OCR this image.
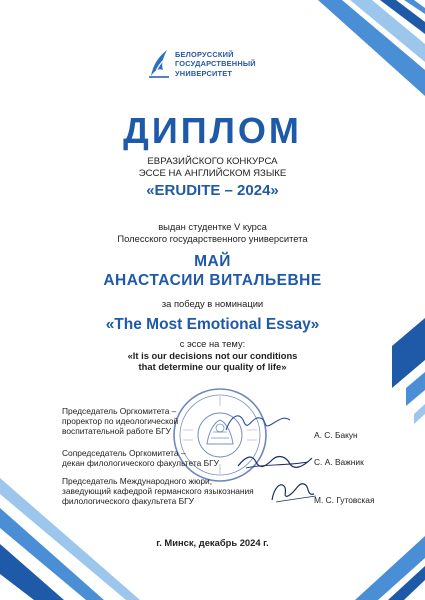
БЕЛОРУССКИЙ
ГОСУДАРСТВЕННЫЙ
УНИВЕРСИТЕТ
ДИПЛОМ
ЕВРАЗИЙСКОГО КОНКУРСА
ЭССЕ НА АНГЛИЙСКОМ ЯЗЫКЕ
«ERUDITE – 2024»
выдан студентке V курса
Полесского государственного университета
МАЙ
АНАСТАСИИ ВИТАЛЬЕВНЕ
за победу в номинации
«The Most Emotional Essay»
с эссе на тему:
«It is our decisions not our conditions
that determine our quality of life»
Председатель Оргкомитета –
проректор по идеологической
воспитательной работе БГУ	А. С. Бакун
Сопредседатель Оргкомитета –
декан филологического факультета БГУ	С. А. Важник
Председатель Международного жюри,
заведующий кафедрой германского языкознания
филологического факультета БГУ	М. С. Гутовская
г. Минск, декабрь 2024 г.
